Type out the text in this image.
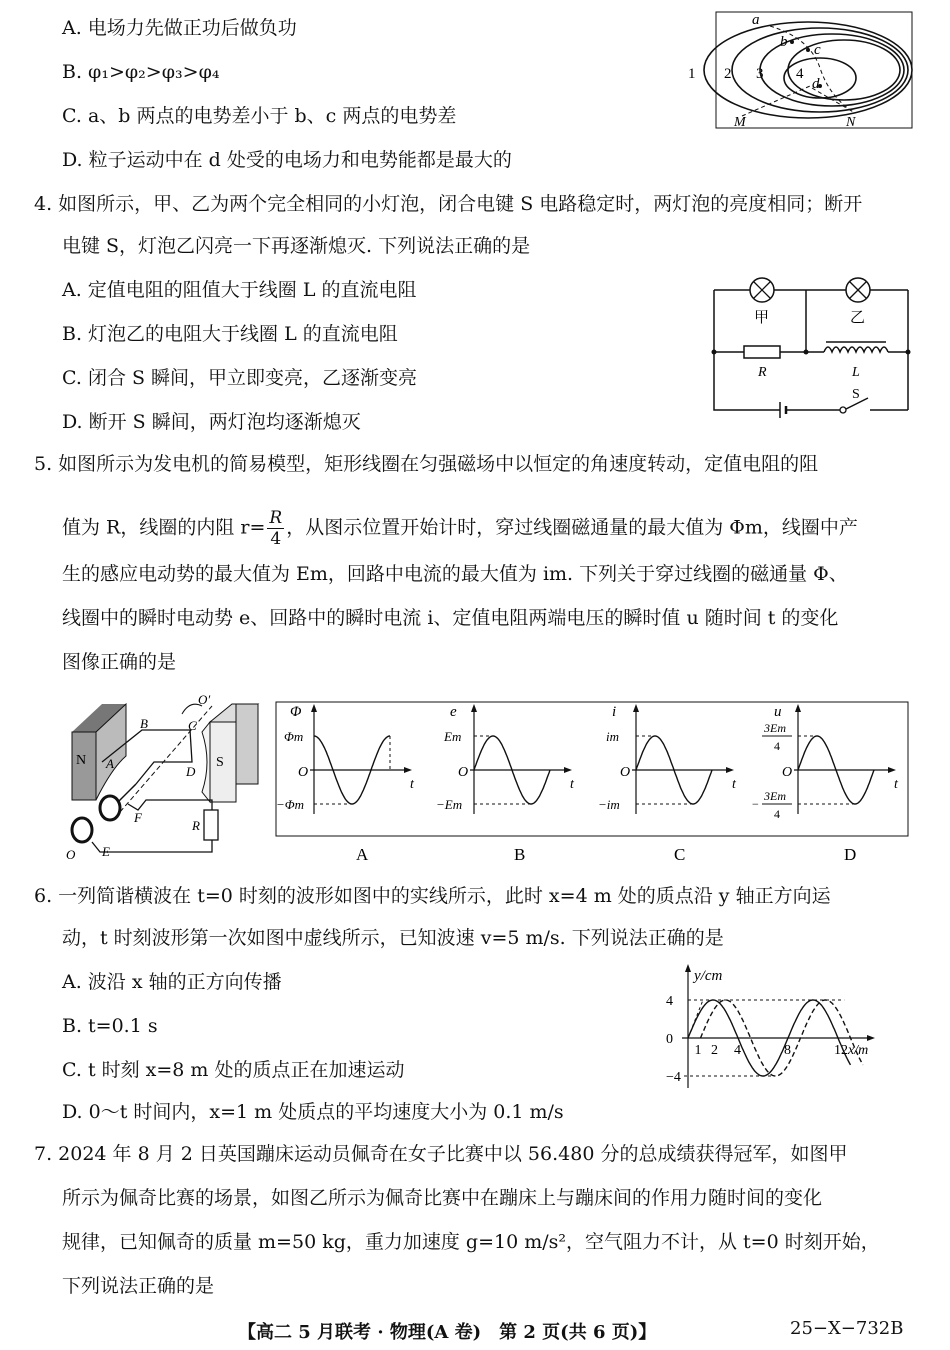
A. 电场力先做正功后做负功
B. φ₁>φ₂>φ₃>φ₄
C. a、b 两点的电势差小于 b、c 两点的电势差
D. 粒子运动中在 d 处受的电场力和电势能都是最大的
1 2 3 4
a
b c
d
M	N
4. 如图所示，甲、乙为两个完全相同的小灯泡，闭合电键 S 电路稳定时，两灯泡的亮度相同；断开
电键 S，灯泡乙闪亮一下再逐渐熄灭. 下列说法正确的是
A. 定值电阻的阻值大于线圈 L 的直流电阻
B. 灯泡乙的电阻大于线圈 L 的直流电阻
C. 闭合 S 瞬间，甲立即变亮，乙逐渐变亮
D. 断开 S 瞬间，两灯泡均逐渐熄灭
甲	乙
R	L
S
5. 如图所示为发电机的简易模型，矩形线圈在匀强磁场中以恒定的角速度转动，定值电阻的阻
值为 R，线圈的内阻 $r= \frac{R}{4}$ ，从图示位置开始计时，穿过线圈磁通量的最大值为 Φm，线圈中产
生的感应电动势的最大值为 Em，回路中电流的最大值为 im. 下列关于穿过线圈的磁通量 Φ、
线圈中的瞬时电动势 e、回路中的瞬时电流 i、定值电阻两端电压的瞬时值 u 随时间 t 的变化
图像正确的是
N	S
A
B	C
D
O′
O E
F
R
Φ
t
O
Φm
−Φm
e
t
O
Em
−Em
i
t
O
im
−im
u
t
O
3Em
4
−
3Em
4
A	B	C	D
6. 一列简谐横波在 t=0 时刻的波形如图中的实线所示，此时 x=4 m 处的质点沿 y 轴正方向运
动，t 时刻波形第一次如图中虚线所示，已知波速 v=5 m/s. 下列说法正确的是
A. 波沿 x 轴的正方向传播
B. t=0.1 s
C. t 时刻 x=8 m 处的质点正在加速运动
D. 0～t 时间内，x=1 m 处质点的平均速度大小为 0.1 m/s
1 2 4	8	12
4
0
−4
y/cm
x/m
7. 2024 年 8 月 2 日英国蹦床运动员佩奇在女子比赛中以 56.480 分的总成绩获得冠军，如图甲
所示为佩奇比赛的场景，如图乙所示为佩奇比赛中在蹦床上与蹦床间的作用力随时间的变化
规律，已知佩奇的质量 m=50 kg，重力加速度 g=10 m/s²，空气阻力不计，从 t=0 时刻开始，
下列说法正确的是
【高二 5 月联考 · 物理(A 卷)　第 2 页(共 6 页)】	25−X−732B
